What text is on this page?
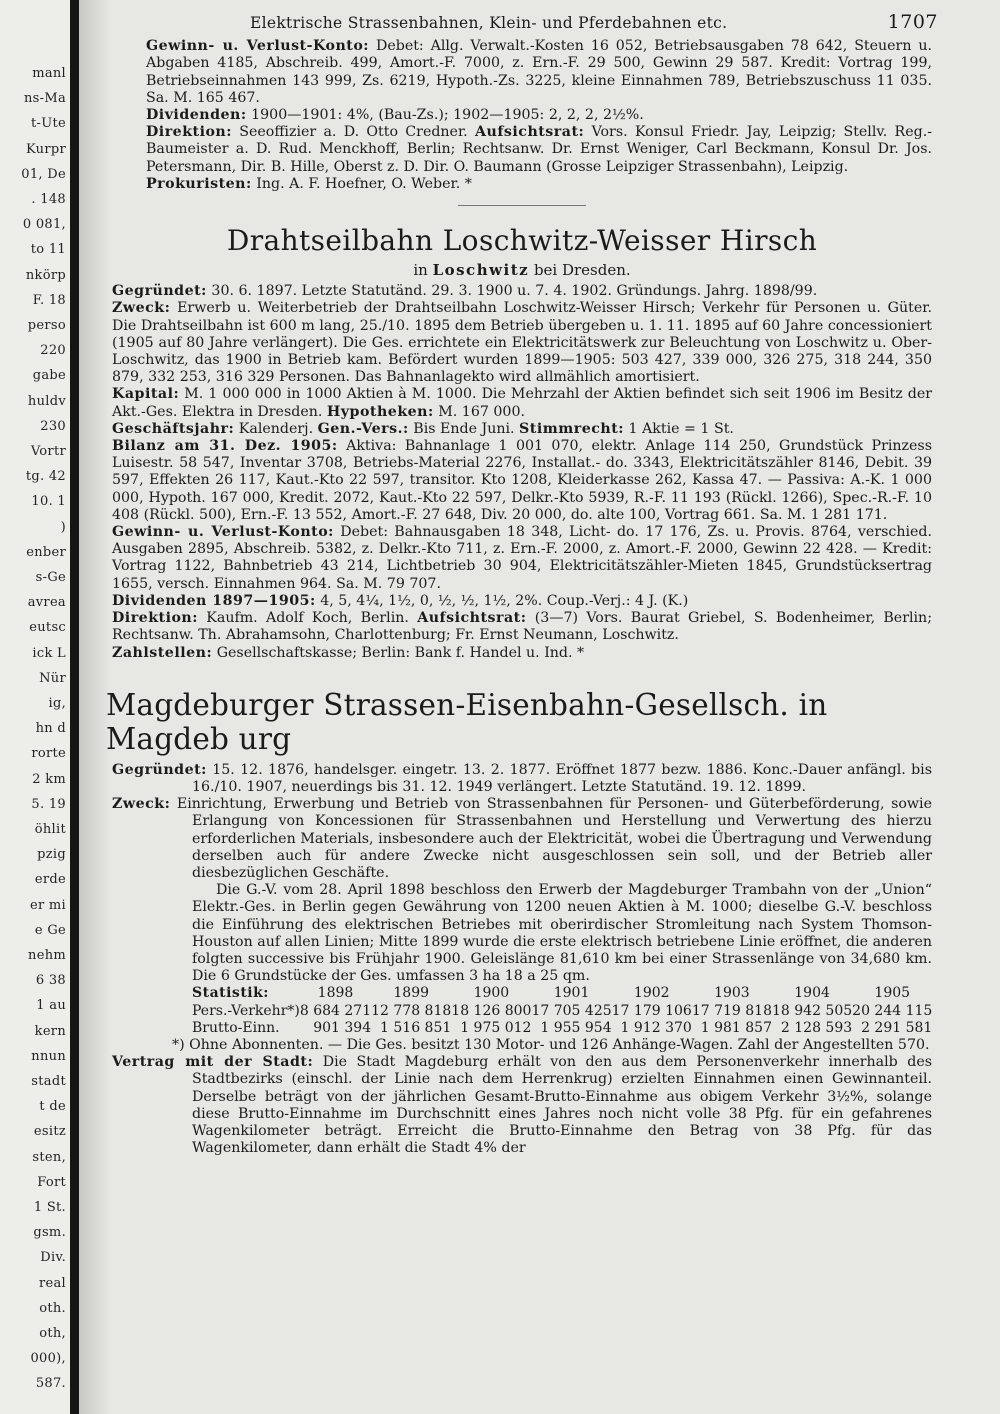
manl
ns-Ma
t-Ute
Kurpr
01, De
. 148
0 081,
to 11
nkörp
F. 18
perso
220
gabe
huldv
230
Vortr
tg. 42
10. 1
)
enber
s-Ge
avrea
eutsc
ick L
Nür
ig,
hn d
rorte
2 km
5. 19
öhlit
pzig
erde
er mi
e Ge
nehm
6 38
1 au
kern
nnun
stadt
t de
esitz
sten,
Fort
1 St.
gsm.
Div.
real
oth.
oth,
000),
587.
Elektrische Strassenbahnen, Klein- und Pferdebahnen etc.	1707

Gewinn- u. Verlust-Konto: Debet: Allg. Verwalt.-Kosten 16 052, Betriebsausgaben 78 642, Steuern u. Abgaben 4185, Abschreib. 499, Amort.-F. 7000, z. Ern.-F. 29 500, Gewinn 29 587. Kredit: Vortrag 199, Betriebseinnahmen 143 999, Zs. 6219, Hypoth.-Zs. 3225, kleine Einnahmen 789, Betriebszuschuss 11 035. Sa. M. 165 467.

Dividenden: 1900—1901: 4%, (Bau-Zs.); 1902—1905: 2, 2, 2, 2½%.

Direktion: Seeoffizier a. D. Otto Credner. Aufsichtsrat: Vors. Konsul Friedr. Jay, Leipzig; Stellv. Reg.-Baumeister a. D. Rud. Menckhoff, Berlin; Rechtsanw. Dr. Ernst Weniger, Carl Beckmann, Konsul Dr. Jos. Petersmann, Dir. B. Hille, Oberst z. D. Dir. O. Baumann (Grosse Leipziger Strassenbahn), Leipzig.

Prokuristen: Ing. A. F. Hoefner, O. Weber. *

Drahtseilbahn Loschwitz-Weisser Hirsch
in Loschwitz bei Dresden.

Gegründet: 30. 6. 1897. Letzte Statutänd. 29. 3. 1900 u. 7. 4. 1902. Gründungs. Jahrg. 1898/99.

Zweck: Erwerb u. Weiterbetrieb der Drahtseilbahn Loschwitz-Weisser Hirsch; Verkehr für Personen u. Güter. Die Drahtseilbahn ist 600 m lang, 25./10. 1895 dem Betrieb übergeben u. 1. 11. 1895 auf 60 Jahre concessioniert (1905 auf 80 Jahre verlängert). Die Ges. errichtete ein Elektricitätswerk zur Beleuchtung von Loschwitz u. Ober-Loschwitz, das 1900 in Betrieb kam. Befördert wurden 1899—1905: 503 427, 339 000, 326 275, 318 244, 350 879, 332 253, 316 329 Personen. Das Bahnanlagekto wird allmählich amortisiert.

Kapital: M. 1 000 000 in 1000 Aktien à M. 1000. Die Mehrzahl der Aktien befindet sich seit 1906 im Besitz der Akt.-Ges. Elektra in Dresden. Hypotheken: M. 167 000.

Geschäftsjahr: Kalenderj. Gen.-Vers.: Bis Ende Juni. Stimmrecht: 1 Aktie = 1 St.

Bilanz am 31. Dez. 1905: Aktiva: Bahnanlage 1 001 070, elektr. Anlage 114 250, Grundstück Prinzess Luisestr. 58 547, Inventar 3708, Betriebs-Material 2276, Installat.- do. 3343, Elektricitätszähler 8146, Debit. 39 597, Effekten 26 117, Kaut.-Kto 22 597, transitor. Kto 1208, Kleiderkasse 262, Kassa 47. — Passiva: A.-K. 1 000 000, Hypoth. 167 000, Kredit. 2072, Kaut.-Kto 22 597, Delkr.-Kto 5939, R.-F. 11 193 (Rückl. 1266), Spec.-R.-F. 10 408 (Rückl. 500), Ern.-F. 13 552, Amort.-F. 27 648, Div. 20 000, do. alte 100, Vortrag 661. Sa. M. 1 281 171.

Gewinn- u. Verlust-Konto: Debet: Bahnausgaben 18 348, Licht- do. 17 176, Zs. u. Provis. 8764, verschied. Ausgaben 2895, Abschreib. 5382, z. Delkr.-Kto 711, z. Ern.-F. 2000, z. Amort.-F. 2000, Gewinn 22 428. — Kredit: Vortrag 1122, Bahnbetrieb 43 214, Lichtbetrieb 30 904, Elektricitätszähler-Mieten 1845, Grundstücksertrag 1655, versch. Einnahmen 964. Sa. M. 79 707.

Dividenden 1897—1905: 4, 5, 4¼, 1½, 0, ½, ½, 1½, 2%. Coup.-Verj.: 4 J. (K.)

Direktion: Kaufm. Adolf Koch, Berlin. Aufsichtsrat: (3—7) Vors. Baurat Griebel, S. Bodenheimer, Berlin; Rechtsanw. Th. Abrahamsohn, Charlottenburg; Fr. Ernst Neumann, Loschwitz.

Zahlstellen: Gesellschaftskasse; Berlin: Bank f. Handel u. Ind. *

Magdeburger Strassen-Eisenbahn-Gesellsch. in Magdeb urg

Gegründet: 15. 12. 1876, handelsger. eingetr. 13. 2. 1877. Eröffnet 1877 bezw. 1886. Konc.-Dauer anfängl. bis 16./10. 1907, neuerdings bis 31. 12. 1949 verlängert. Letzte Statutänd. 19. 12. 1899.

Zweck: Einrichtung, Erwerbung und Betrieb von Strassenbahnen für Personen- und Güterbeförderung, sowie Erlangung von Koncessionen für Strassenbahnen und Herstellung und Verwertung des hierzu erforderlichen Materials, insbesondere auch der Elektricität, wobei die Übertragung und Verwendung derselben auch für andere Zwecke nicht ausgeschlossen sein soll, und der Betrieb aller diesbezüglichen Geschäfte.

Die G.-V. vom 28. April 1898 beschloss den Erwerb der Magdeburger Trambahn von der „Union“ Elektr.-Ges. in Berlin gegen Gewährung von 1200 neuen Aktien à M. 1000; dieselbe G.-V. beschloss die Einführung des elektrischen Betriebes mit oberirdischer Stromleitung nach System Thomson-Houston auf allen Linien; Mitte 1899 wurde die erste elektrisch betriebene Linie eröffnet, die anderen folgten successive bis Frühjahr 1900. Geleislänge 81,610 km bei einer Strassenlänge von 34,680 km. Die 6 Grundstücke der Ges. umfassen 3 ha 18 a 25 qm.

Statistik:	1898	1899	1900	1901	1902	1903	1904	1905
Pers.-Verkehr*)	8 684 271	12 778 818	18 126 800	17 705 425	17 179 106	17 719 818	18 942 505	20 244 115
Brutto-Einn.	901 394	1 516 851	1 975 012	1 955 954	1 912 370	1 981 857	2 128 593	2 291 581

*) Ohne Abonnenten. — Die Ges. besitzt 130 Motor- und 126 Anhänge-Wagen. Zahl der Angestellten 570.

Vertrag mit der Stadt: Die Stadt Magdeburg erhält von den aus dem Personenverkehr innerhalb des Stadtbezirks (einschl. der Linie nach dem Herrenkrug) erzielten Einnahmen einen Gewinnanteil. Derselbe beträgt von der jährlichen Gesamt-Brutto-Einnahme aus obigem Verkehr 3½%, solange diese Brutto-Einnahme im Durchschnitt eines Jahres noch nicht volle 38 Pfg. für ein gefahrenes Wagenkilometer beträgt. Erreicht die Brutto-Einnahme den Betrag von 38 Pfg. für das Wagenkilometer, dann erhält die Stadt 4% der
